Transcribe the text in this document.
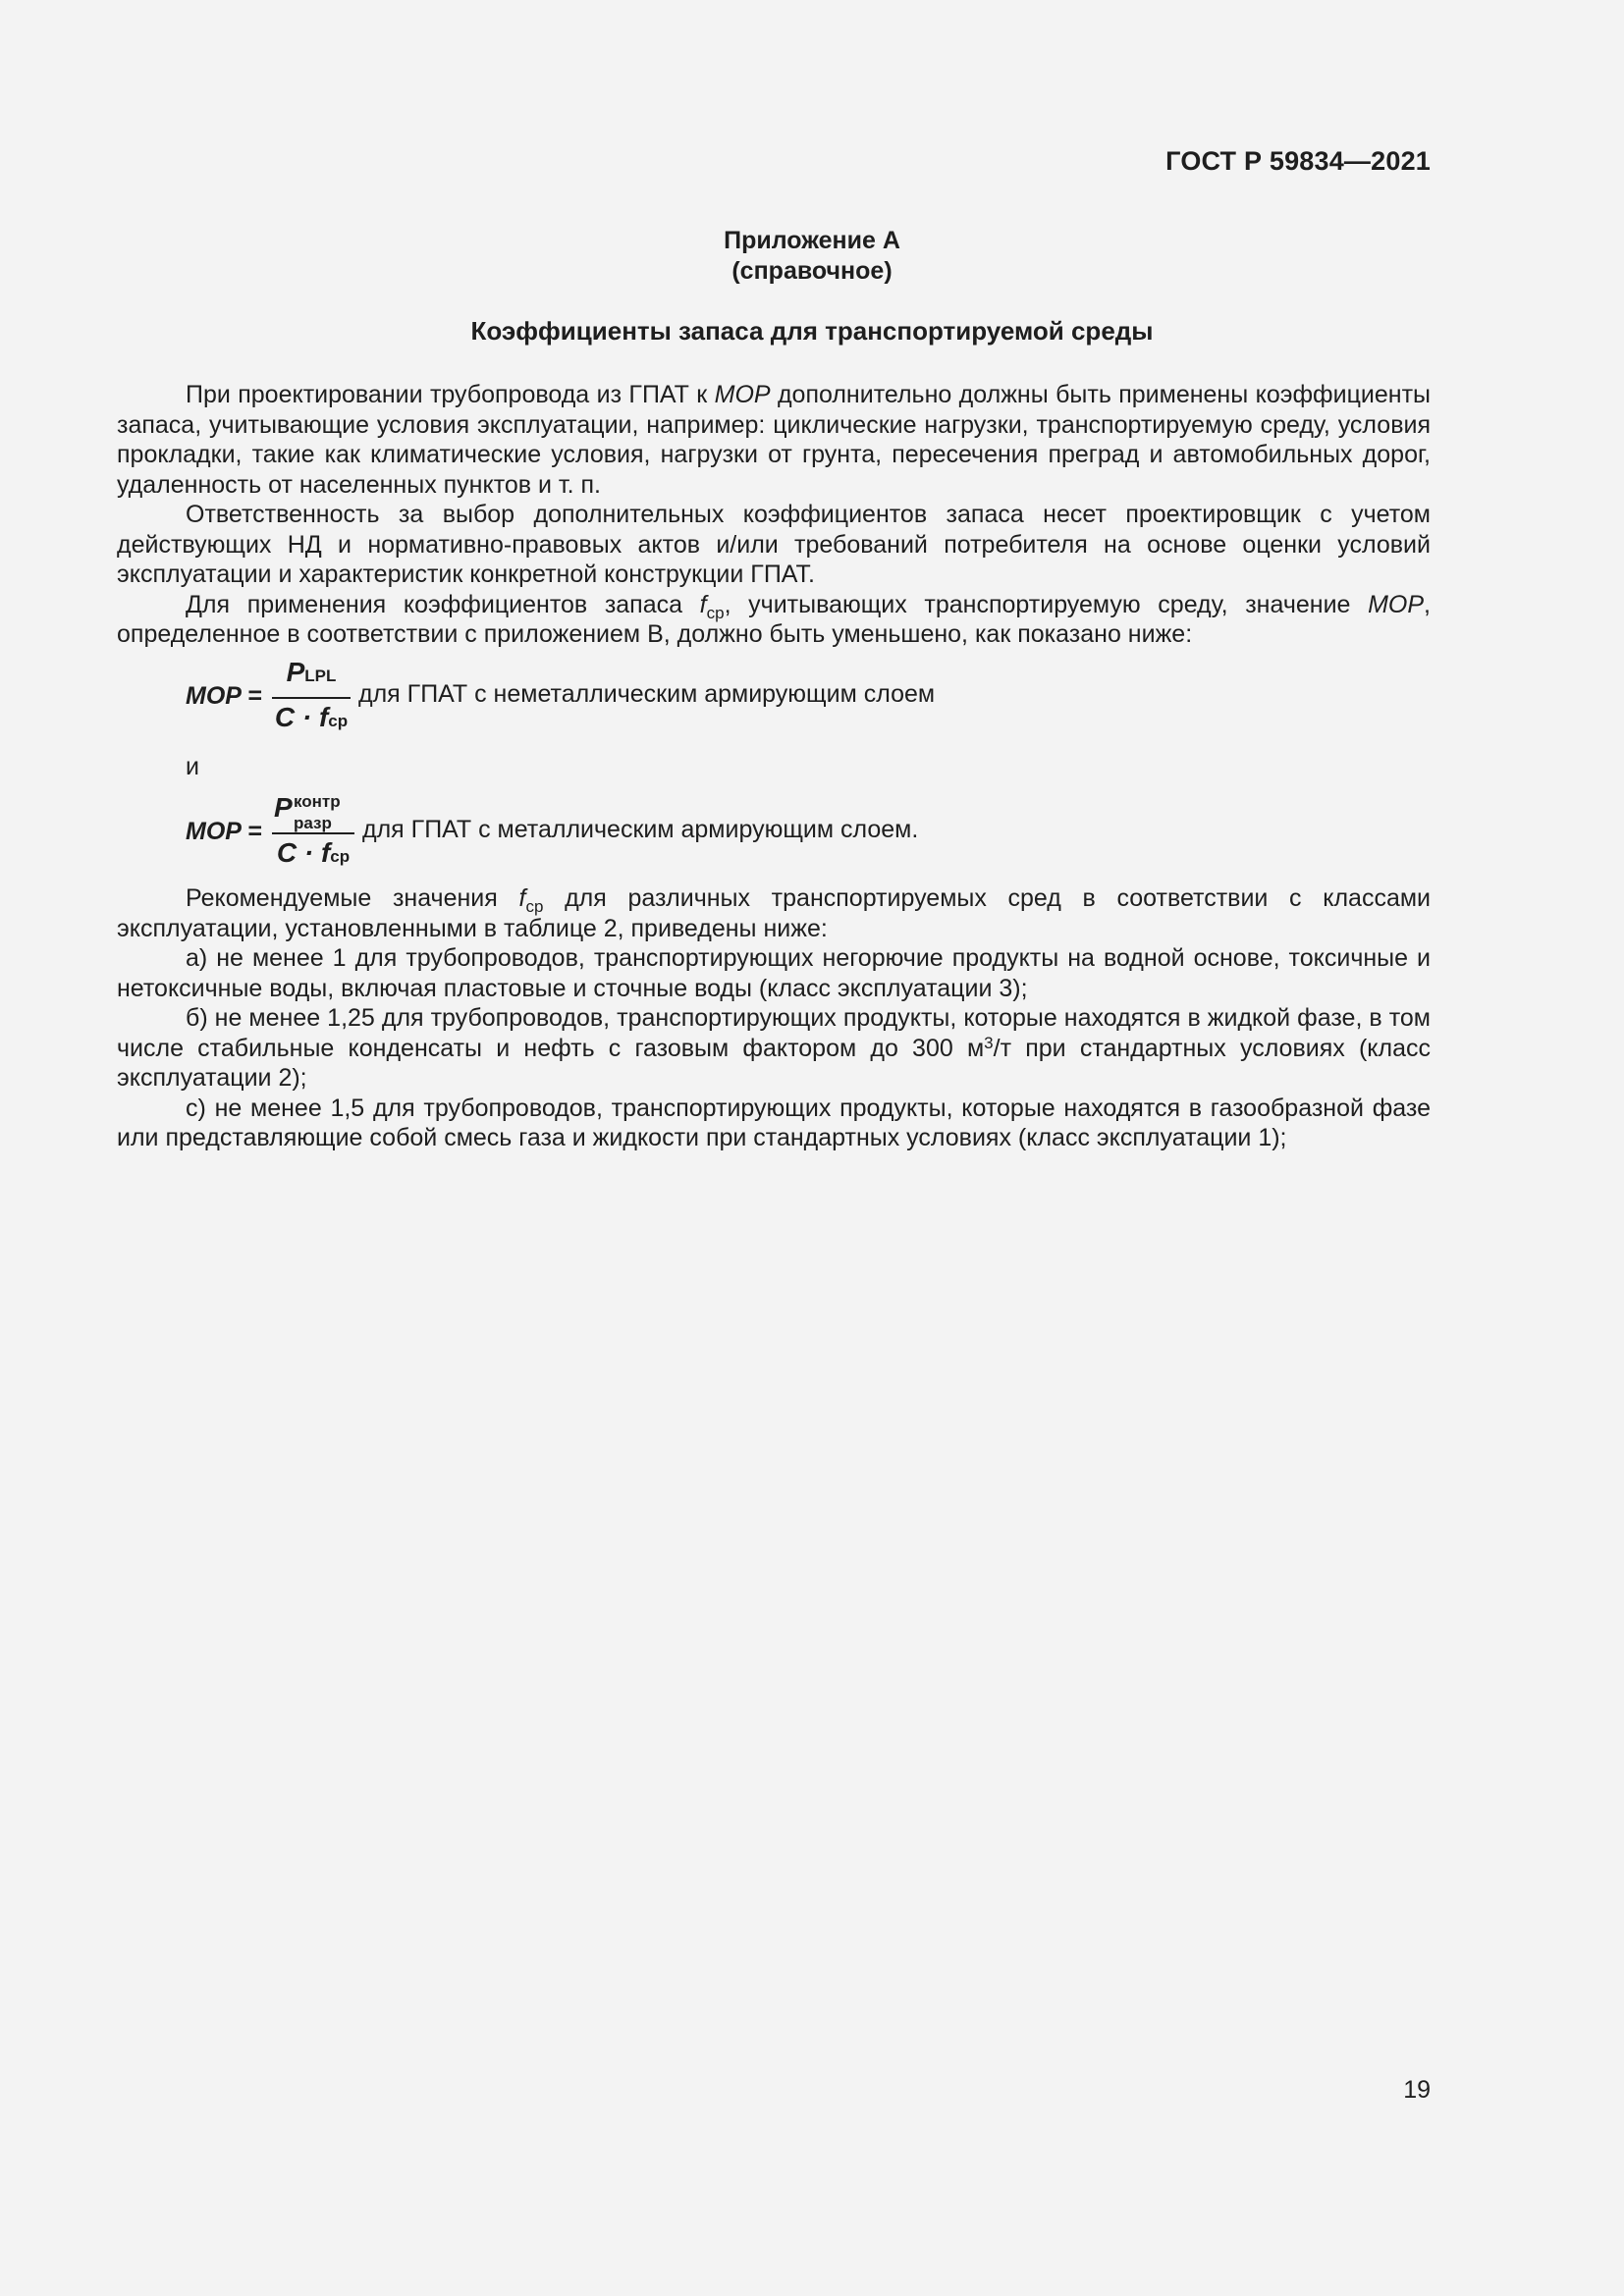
ГОСТ Р 59834—2021
Приложение А
(справочное)
Коэффициенты запаса для транспортируемой среды

При проектировании трубопровода из ГПАТ к MOP дополнительно должны быть применены коэффициенты запаса, учитывающие условия эксплуатации, например: циклические нагрузки, транспортируемую среду, условия прокладки, такие как климатические условия, нагрузки от грунта, пересечения преград и автомобильных дорог, удаленность от населенных пунктов и т. п.

Ответственность за выбор дополнительных коэффициентов запаса несет проектировщик с учетом действующих НД и нормативно-правовых актов и/или требований потребителя на основе оценки условий эксплуатации и характеристик конкретной конструкции ГПАТ.

Для применения коэффициентов запаса $f_{ср}$, учитывающих транспортируемую среду, значение MOP, определенное в соответствии с приложением В, должно быть уменьшено, как показано ниже:

MOP =
PLPL
C · fср
для ГПАТ с неметаллическим армирующим слоем
и
MOP =
P контр
разр
C · fср
для ГПАТ с металлическим армирующим слоем.

Рекомендуемые значения $f_{ср}$ для различных транспортируемых сред в соответствии с классами эксплуатации, установленными в таблице 2, приведены ниже:

а) не менее 1 для трубопроводов, транспортирующих негорючие продукты на водной основе, токсичные и нетоксичные воды, включая пластовые и сточные воды (класс эксплуатации 3);

б) не менее 1,25 для трубопроводов, транспортирующих продукты, которые находятся в жидкой фазе, в том числе стабильные конденсаты и нефть с газовым фактором до 300 $м^3/т$ при стандартных условиях (класс эксплуатации 2);

с) не менее 1,5 для трубопроводов, транспортирующих продукты, которые находятся в газообразной фазе или представляющие собой смесь газа и жидкости при стандартных условиях (класс эксплуатации 1);

19
